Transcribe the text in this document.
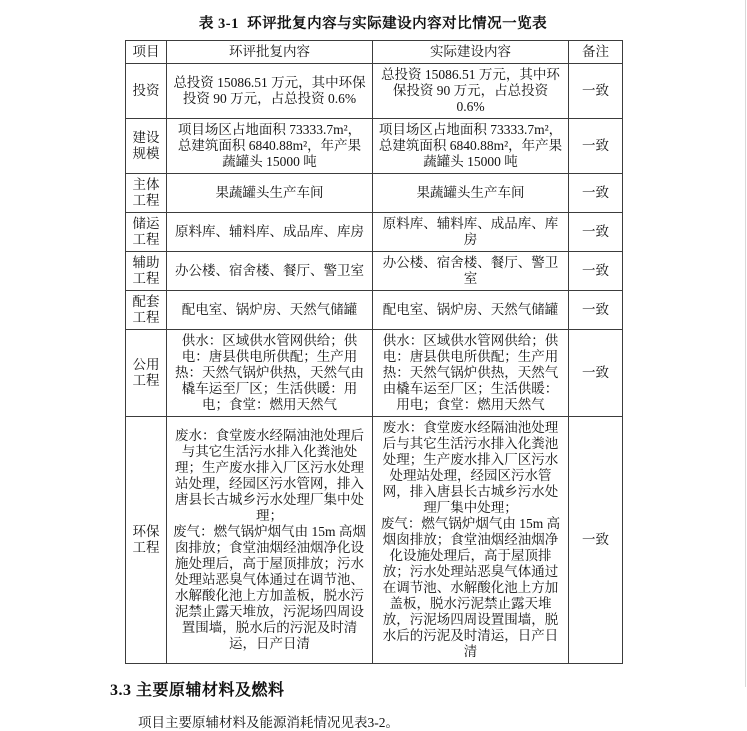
表 3-1  环评批复内容与实际建设内容对比情况一览表
项目	环评批复内容	实际建设内容	备注
投资	总投资 15086.51 万元，其中环保投资 90 万元，占总投资 0.6%	总投资 15086.51 万元，其中环保投资 90 万元，占总投资 0.6%	一致
建设规模	项目场区占地面积 73333.7m²，总建筑面积 6840.88m²，年产果蔬罐头 15000 吨	项目场区占地面积 73333.7m²，总建筑面积 6840.88m²，年产果蔬罐头 15000 吨	一致
主体工程	果蔬罐头生产车间	果蔬罐头生产车间	一致
储运工程	原料库、辅料库、成品库、库房	原料库、辅料库、成品库、库房	一致
辅助工程	办公楼、宿舍楼、餐厅、警卫室	办公楼、宿舍楼、餐厅、警卫室	一致
配套工程	配电室、锅炉房、天然气储罐	配电室、锅炉房、天然气储罐	一致
公用工程	供水：区域供水管网供给；供电：唐县供电所供配；生产用热：天然气锅炉供热，天然气由橇车运至厂区；生活供暖：用电；食堂：燃用天然气	供水：区域供水管网供给；供电：唐县供电所供配；生产用热：天然气锅炉供热，天然气由橇车运至厂区；生活供暖：用电；食堂：燃用天然气	一致
环保工程	废水：食堂废水经隔油池处理后与其它生活污水排入化粪池处理；生产废水排入厂区污水处理站处理，经园区污水管网，排入唐县长古城乡污水处理厂集中处理；
废气：燃气锅炉烟气由 15m 高烟囱排放；食堂油烟经油烟净化设施处理后，高于屋顶排放；污水处理站恶臭气体通过在调节池、水解酸化池上方加盖板，脱水污泥禁止露天堆放，污泥场四周设置围墙，脱水后的污泥及时清运，日产日清	废水：食堂废水经隔油池处理后与其它生活污水排入化粪池处理；生产废水排入厂区污水处理站处理，经园区污水管网，排入唐县长古城乡污水处理厂集中处理；
废气：燃气锅炉烟气由 15m 高烟囱排放；食堂油烟经油烟净化设施处理后，高于屋顶排放；污水处理站恶臭气体通过在调节池、水解酸化池上方加盖板，脱水污泥禁止露天堆放，污泥场四周设置围墙，脱水后的污泥及时清运，日产日清	一致
3.3 主要原辅材料及燃料
项目主要原辅材料及能源消耗情况见表3-2。
